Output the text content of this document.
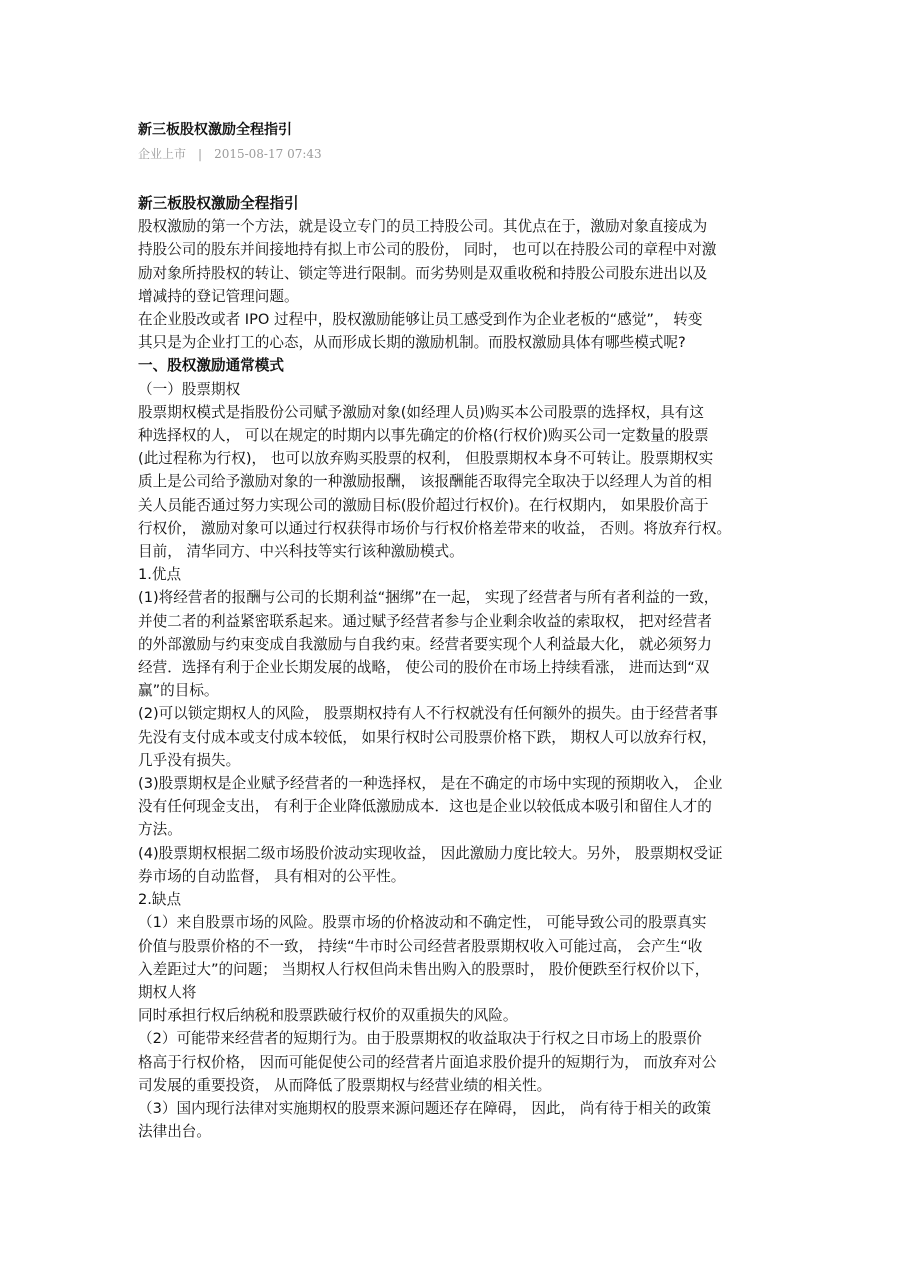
新三板股权激励全程指引
企业上市 | 2015-08-17 07:43

新三板股权激励全程指引

股权激励的第一个方法，就是设立专门的员工持股公司。其优点在于，激励对象直接成为

持股公司的股东并间接地持有拟上市公司的股份， 同时， 也可以在持股公司的章程中对激

励对象所持股权的转让、锁定等进行限制。而劣势则是双重收税和持股公司股东进出以及

增减持的登记管理问题。

在企业股改或者 IPO 过程中，股权激励能够让员工感受到作为企业老板的“感觉”， 转变

其只是为企业打工的心态，从而形成长期的激励机制。而股权激励具体有哪些模式呢?

一、股权激励通常模式

（一）股票期权

股票期权模式是指股份公司赋予激励对象(如经理人员)购买本公司股票的选择权，具有这

种选择权的人， 可以在规定的时期内以事先确定的价格(行权价)购买公司一定数量的股票

(此过程称为行权)， 也可以放弃购买股票的权利， 但股票期权本身不可转让。股票期权实

质上是公司给予激励对象的一种激励报酬， 该报酬能否取得完全取决于以经理人为首的相

关人员能否通过努力实现公司的激励目标(股价超过行权价)。在行权期内， 如果股价高于

行权价， 激励对象可以通过行权获得市场价与行权价格差带来的收益， 否则。将放弃行权。

目前， 清华同方、中兴科技等实行该种激励模式。

1.优点

(1)将经营者的报酬与公司的长期利益“捆绑”在一起， 实现了经营者与所有者利益的一致，

并使二者的利益紧密联系起来。通过赋予经营者参与企业剩余收益的索取权， 把对经营者

的外部激励与约束变成自我激励与自我约束。经营者要实现个人利益最大化， 就必须努力

经营．选择有利于企业长期发展的战略， 使公司的股价在市场上持续看涨， 进而达到“双

赢”的目标。

(2)可以锁定期权人的风险， 股票期权持有人不行权就没有任何额外的损失。由于经营者事

先没有支付成本或支付成本较低， 如果行权时公司股票价格下跌， 期权人可以放弃行权，

几乎没有损失。

(3)股票期权是企业赋予经营者的一种选择权， 是在不确定的市场中实现的预期收入， 企业

没有任何现金支出， 有利于企业降低激励成本．这也是企业以较低成本吸引和留住人才的

方法。

(4)股票期权根据二级市场股价波动实现收益， 因此激励力度比较大。另外， 股票期权受证

券市场的自动监督， 具有相对的公平性。

2.缺点

（1）来自股票市场的风险。股票市场的价格波动和不确定性， 可能导致公司的股票真实

价值与股票价格的不一致， 持续“牛市时公司经营者股票期权收入可能过高， 会产生“收

入差距过大”的问题； 当期权人行权但尚未售出购入的股票时， 股价便跌至行权价以下，

期权人将

同时承担行权后纳税和股票跌破行权价的双重损失的风险。

（2）可能带来经营者的短期行为。由于股票期权的收益取决于行权之日市场上的股票价

格高于行权价格， 因而可能促使公司的经营者片面追求股价提升的短期行为， 而放弃对公

司发展的重要投资， 从而降低了股票期权与经营业绩的相关性。

（3）国内现行法律对实施期权的股票来源问题还存在障碍， 因此， 尚有待于相关的政策

法律出台。
